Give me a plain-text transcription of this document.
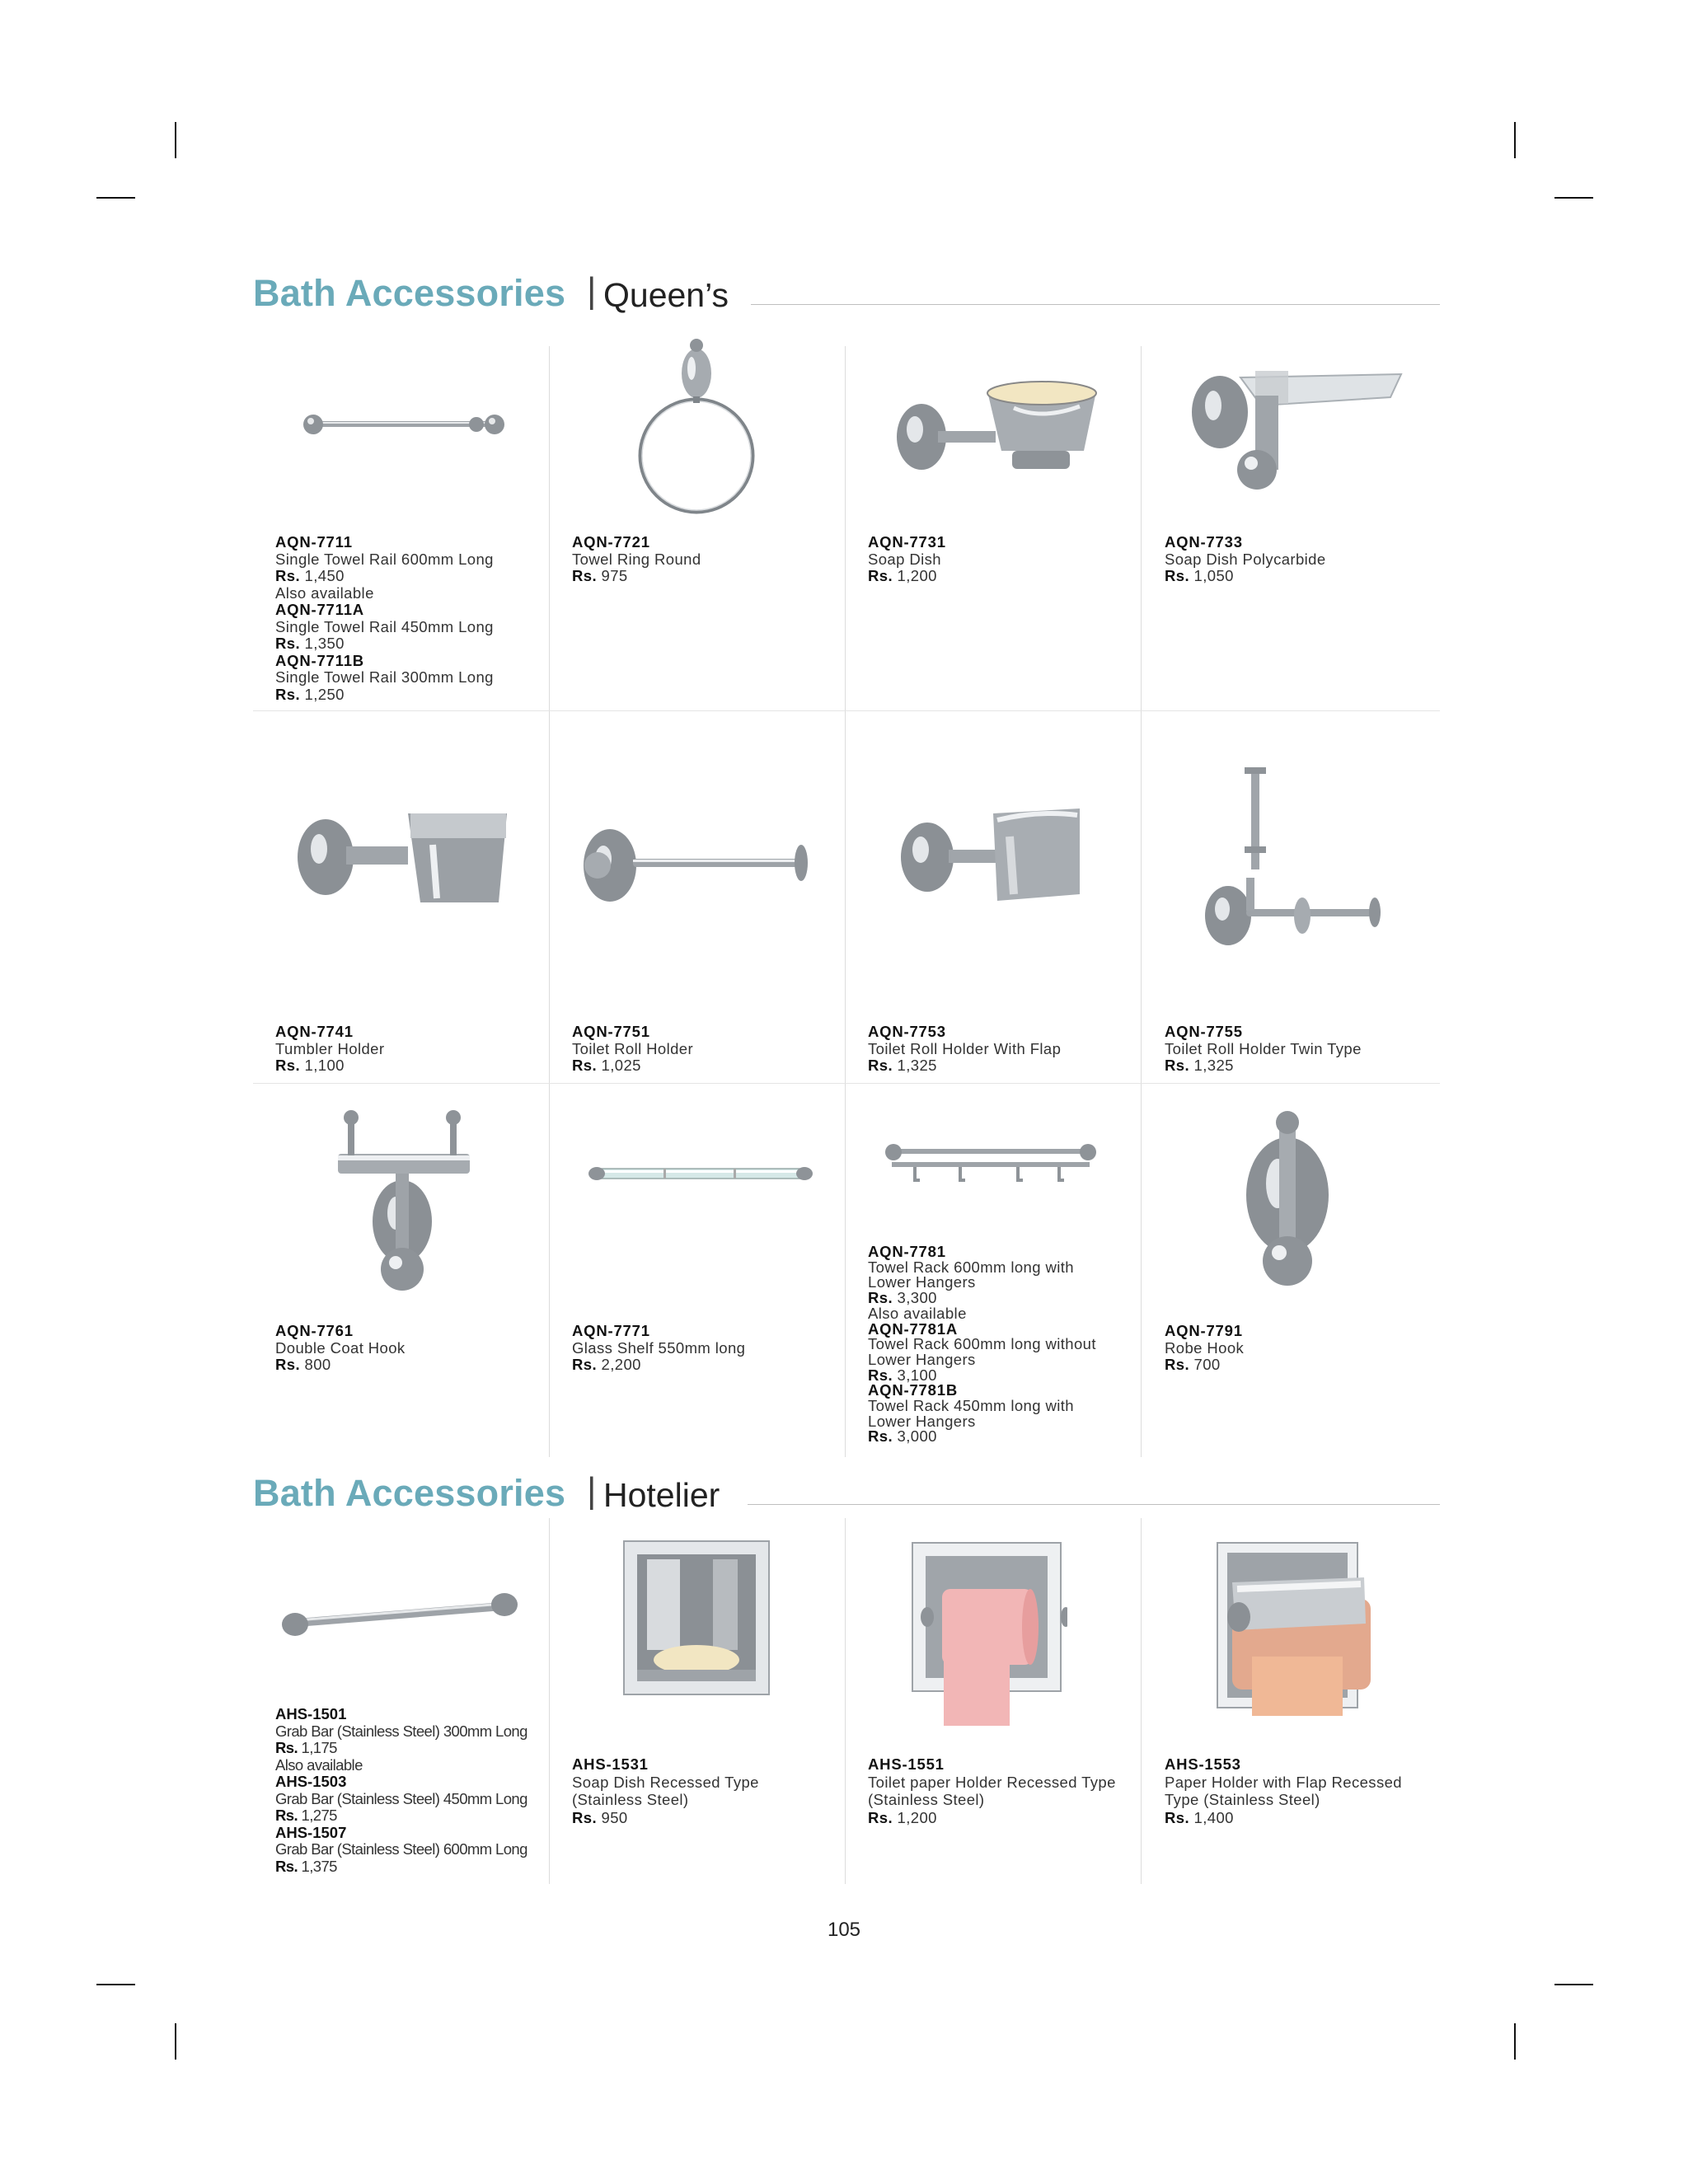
Bath Accessories | Queen’s
AQN-7711
Single Towel Rail 600mm Long
Rs. 1,450
Also available
AQN-7711A
Single Towel Rail 450mm Long
Rs. 1,350
AQN-7711B
Single Towel Rail 300mm Long
Rs. 1,250
AQN-7721
Towel Ring Round
Rs. 975
AQN-7731
Soap Dish
Rs. 1,200
AQN-7733
Soap Dish Polycarbide
Rs. 1,050
AQN-7741
Tumbler Holder
Rs. 1,100
AQN-7751
Toilet Roll Holder
Rs. 1,025
AQN-7753
Toilet Roll Holder With Flap
Rs. 1,325
AQN-7755
Toilet Roll Holder Twin Type
Rs. 1,325
AQN-7761
Double Coat Hook
Rs. 800
AQN-7771
Glass Shelf 550mm long
Rs. 2,200
AQN-7781
Towel Rack 600mm long with
Lower Hangers
Rs. 3,300
Also available
AQN-7781A
Towel Rack 600mm long without
Lower Hangers
Rs. 3,100
AQN-7781B
Towel Rack 450mm long with
Lower Hangers
Rs. 3,000
AQN-7791
Robe Hook
Rs. 700
Bath Accessories | Hotelier
AHS-1501
Grab Bar (Stainless Steel) 300mm Long
Rs. 1,175
Also available
AHS-1503
Grab Bar (Stainless Steel) 450mm Long
Rs. 1,275
AHS-1507
Grab Bar (Stainless Steel) 600mm Long
Rs. 1,375
AHS-1531
Soap Dish Recessed Type
(Stainless Steel)
Rs. 950
AHS-1551
Toilet paper Holder Recessed Type
(Stainless Steel)
Rs. 1,200
AHS-1553
Paper Holder with Flap Recessed
Type (Stainless Steel)
Rs. 1,400
105
